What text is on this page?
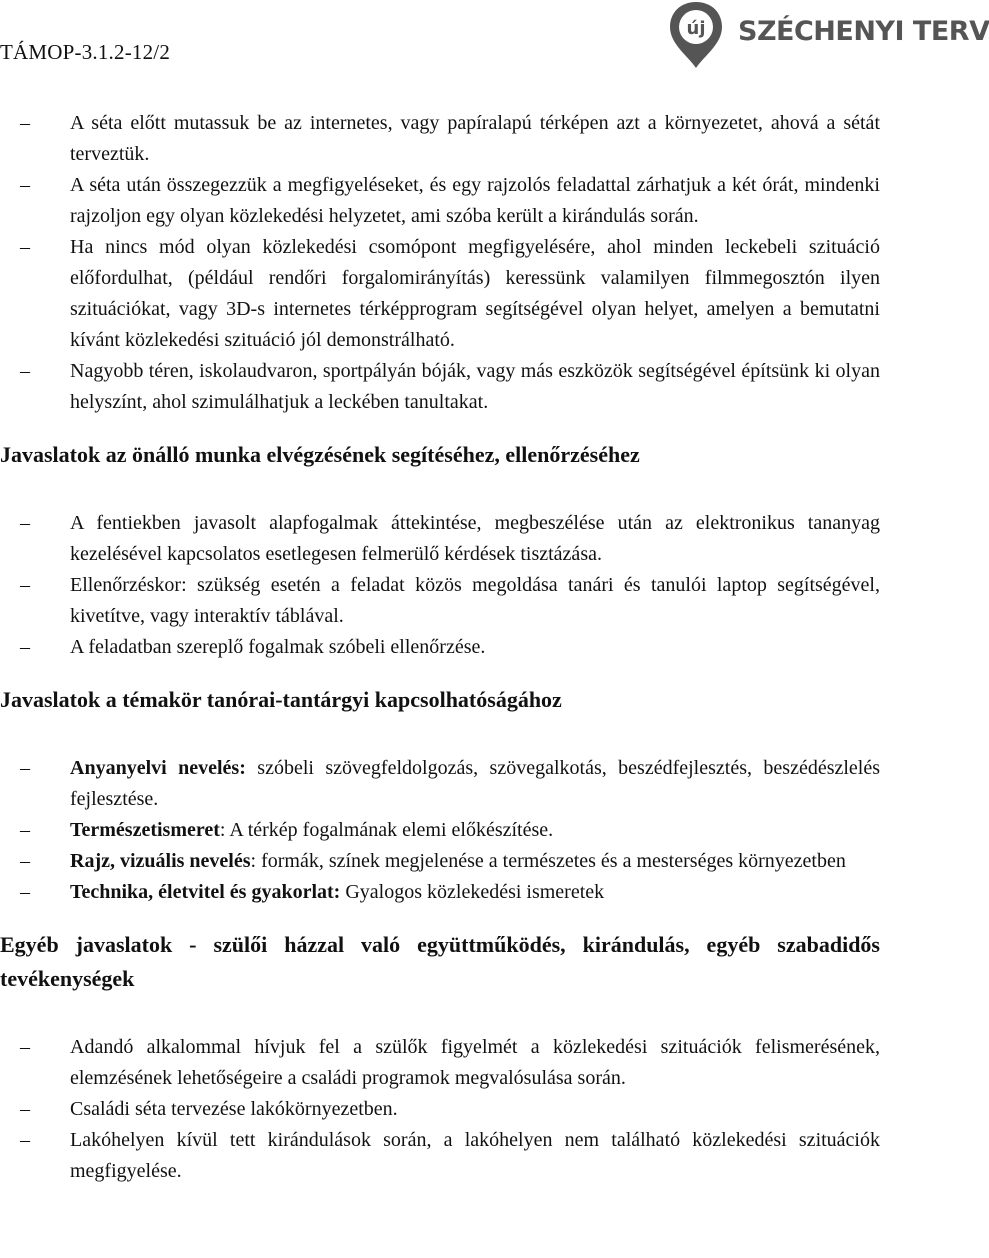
TÁMOP-3.1.2-12/2
új SZÉCHENYI TERV
– A séta előtt mutassuk be az internetes, vagy papíralapú térképen azt a környezetet, ahová a sétát terveztük.
– A séta után összegezzük a megfigyeléseket, és egy rajzolós feladattal zárhatjuk a két órát, mindenki rajzoljon egy olyan közlekedési helyzetet, ami szóba került a kirándulás során.
– Ha nincs mód olyan közlekedési csomópont megfigyelésére, ahol minden leckebeli szituáció előfordulhat, (például rendőri forgalomirányítás) keressünk valamilyen filmmegosztón ilyen szituációkat, vagy 3D-s internetes térképprogram segítségével olyan helyet, amelyen a bemutatni kívánt közlekedési szituáció jól demonstrálható.
– Nagyobb téren, iskolaudvaron, sportpályán bóják, vagy más eszközök segítségével építsünk ki olyan helyszínt, ahol szimulálhatjuk a leckében tanultakat.
Javaslatok az önálló munka elvégzésének segítéséhez, ellenőrzéséhez
– A fentiekben javasolt alapfogalmak áttekintése, megbeszélése után az elektronikus tananyag kezelésével kapcsolatos esetlegesen felmerülő kérdések tisztázása.
– Ellenőrzéskor: szükség esetén a feladat közös megoldása tanári és tanulói laptop segítségével, kivetítve, vagy interaktív táblával.
– A feladatban szereplő fogalmak szóbeli ellenőrzése.
Javaslatok a témakör tanórai-tantárgyi kapcsolhatóságához
– Anyanyelvi nevelés: szóbeli szövegfeldolgozás, szövegalkotás, beszédfejlesztés, beszédészlelés fejlesztése.
– Természetismeret: A térkép fogalmának elemi előkészítése.
– Rajz, vizuális nevelés: formák, színek megjelenése a természetes és a mesterséges környezetben
– Technika, életvitel és gyakorlat: Gyalogos közlekedési ismeretek
Egyéb javaslatok - szülői házzal való együttműködés, kirándulás, egyéb szabadidős tevékenységek
– Adandó alkalommal hívjuk fel a szülők figyelmét a közlekedési szituációk felismerésének, elemzésének lehetőségeire a családi programok megvalósulása során.
– Családi séta tervezése lakókörnyezetben.
– Lakóhelyen kívül tett kirándulások során, a lakóhelyen nem található közlekedési szituációk megfigyelése.
